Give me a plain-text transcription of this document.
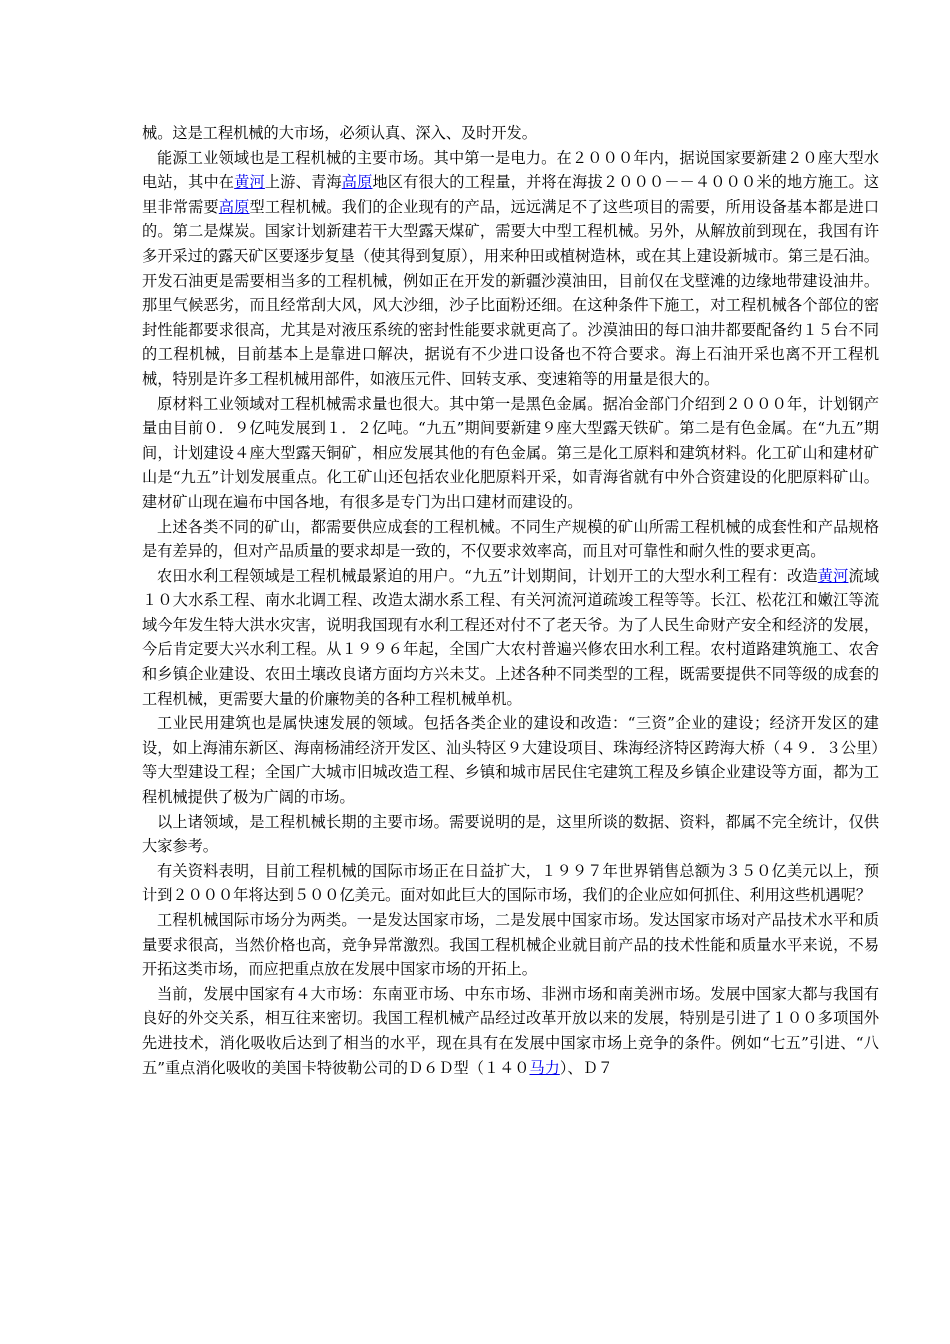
械。这是工程机械的大市场，必须认真、深入、及时开发。

能源工业领域也是工程机械的主要市场。其中第一是电力。在２０００年内，据说国家要新建２０座大型水电站，其中在黄河上游、青海高原地区有很大的工程量，并将在海拔２０００－－４０００米的地方施工。这里非常需要高原型工程机械。我们的企业现有的产品，远远满足不了这些项目的需要，所用设备基本都是进口的。第二是煤炭。国家计划新建若干大型露天煤矿，需要大中型工程机械。另外，从解放前到现在，我国有许多开采过的露天矿区要逐步复垦（使其得到复原），用来种田或植树造林，或在其上建设新城市。第三是石油。开发石油更是需要相当多的工程机械，例如正在开发的新疆沙漠油田，目前仅在戈壁滩的边缘地带建设油井。那里气候恶劣，而且经常刮大风，风大沙细，沙子比面粉还细。在这种条件下施工，对工程机械各个部位的密封性能都要求很高，尤其是对液压系统的密封性能要求就更高了。沙漠油田的每口油井都要配备约１５台不同的工程机械，目前基本上是靠进口解决，据说有不少进口设备也不符合要求。海上石油开采也离不开工程机械，特别是许多工程机械用部件，如液压元件、回转支承、变速箱等的用量是很大的。

原材料工业领域对工程机械需求量也很大。其中第一是黑色金属。据冶金部门介绍到２０００年，计划钢产量由目前０．９亿吨发展到１．２亿吨。“九五”期间要新建９座大型露天铁矿。第二是有色金属。在“九五”期间，计划建设４座大型露天铜矿，相应发展其他的有色金属。第三是化工原料和建筑材料。化工矿山和建材矿山是“九五”计划发展重点。化工矿山还包括农业化肥原料开采，如青海省就有中外合资建设的化肥原料矿山。建材矿山现在遍布中国各地，有很多是专门为出口建材而建设的。

上述各类不同的矿山，都需要供应成套的工程机械。不同生产规模的矿山所需工程机械的成套性和产品规格是有差异的，但对产品质量的要求却是一致的，不仅要求效率高，而且对可靠性和耐久性的要求更高。

农田水利工程领域是工程机械最紧迫的用户。“九五”计划期间，计划开工的大型水利工程有：改造黄河流域１０大水系工程、南水北调工程、改造太湖水系工程、有关河流河道疏竣工程等等。长江、松花江和嫩江等流域今年发生特大洪水灾害，说明我国现有水利工程还对付不了老天爷。为了人民生命财产安全和经济的发展，今后肯定要大兴水利工程。从１９９６年起，全国广大农村普遍兴修农田水利工程。农村道路建筑施工、农舍和乡镇企业建设、农田土壤改良诸方面均方兴未艾。上述各种不同类型的工程，既需要提供不同等级的成套的工程机械，更需要大量的价廉物美的各种工程机械单机。

工业民用建筑也是属快速发展的领域。包括各类企业的建设和改造：“三资”企业的建设；经济开发区的建设，如上海浦东新区、海南杨浦经济开发区、汕头特区９大建设项目、珠海经济特区跨海大桥（４９．３公里）等大型建设工程；全国广大城市旧城改造工程、乡镇和城市居民住宅建筑工程及乡镇企业建设等方面，都为工程机械提供了极为广阔的市场。

以上诸领域，是工程机械长期的主要市场。需要说明的是，这里所谈的数据、资料，都属不完全统计，仅供大家参考。

有关资料表明，目前工程机械的国际市场正在日益扩大，１９９７年世界销售总额为３５０亿美元以上，预计到２０００年将达到５００亿美元。面对如此巨大的国际市场，我们的企业应如何抓住、利用这些机遇呢？

工程机械国际市场分为两类。一是发达国家市场，二是发展中国家市场。发达国家市场对产品技术水平和质量要求很高，当然价格也高，竞争异常激烈。我国工程机械企业就目前产品的技术性能和质量水平来说，不易开拓这类市场，而应把重点放在发展中国家市场的开拓上。

当前，发展中国家有４大市场：东南亚市场、中东市场、非洲市场和南美洲市场。发展中国家大都与我国有良好的外交关系，相互往来密切。我国工程机械产品经过改革开放以来的发展，特别是引进了１００多项国外先进技术，消化吸收后达到了相当的水平，现在具有在发展中国家市场上竞争的条件。例如“七五”引进、“八五”重点消化吸收的美国卡特彼勒公司的Ｄ６Ｄ型（１４０马力）、Ｄ７
